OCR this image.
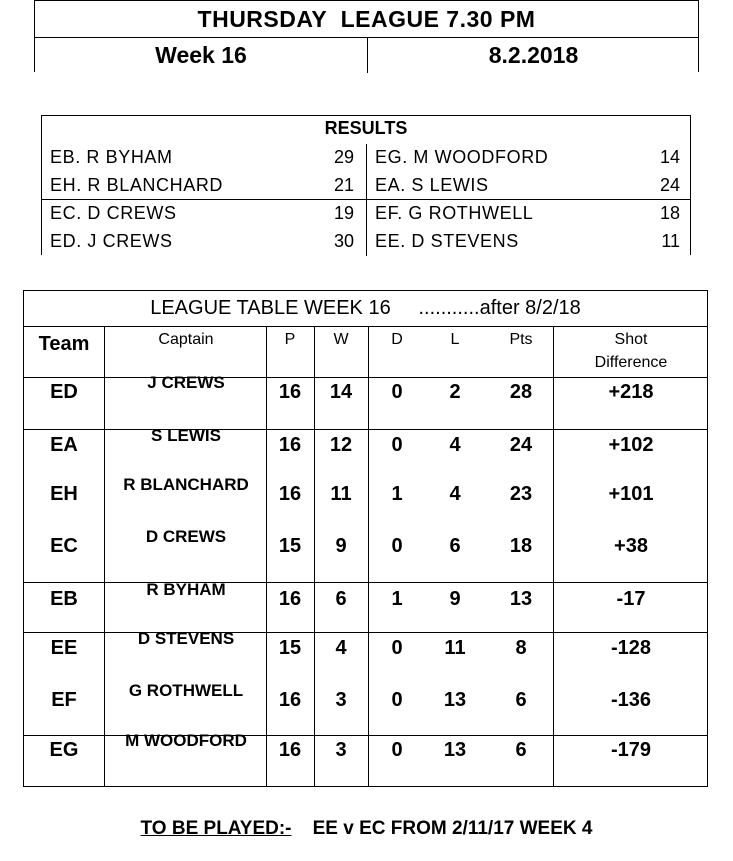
THURSDAY  LEAGUE 7.30 PM
Week 16	8.2.2018
RESULTS
EB. R BYHAM	29 EG. M WOODFORD	14
EH. R BLANCHARD	21 EA. S LEWIS	24
EC. D CREWS	19 EF. G ROTHWELL	18
ED. J CREWS	30 EE. D STEVENS	11
LEAGUE TABLE WEEK 16     ...........after 8/2/18
Team	Captain	P	W	D	L	Pts	Shot
Difference
ED	J CREWS	16	14	0	2	28	+218
EA	S LEWIS	16	12	0	4	24	+102
EH	R BLANCHARD	16	11	1	4	23	+101
EC	D CREWS	15	9	0	6	18	+38
EB	R BYHAM	16	6	1	9	13	-17
EE	D STEVENS	15	4	0	11	8	-128
EF	G ROTHWELL	16	3	0	13	6	-136
EG	M WOODFORD	16	3	0	13	6	-179
TO BE PLAYED:-    EE v EC FROM 2/11/17 WEEK 4
